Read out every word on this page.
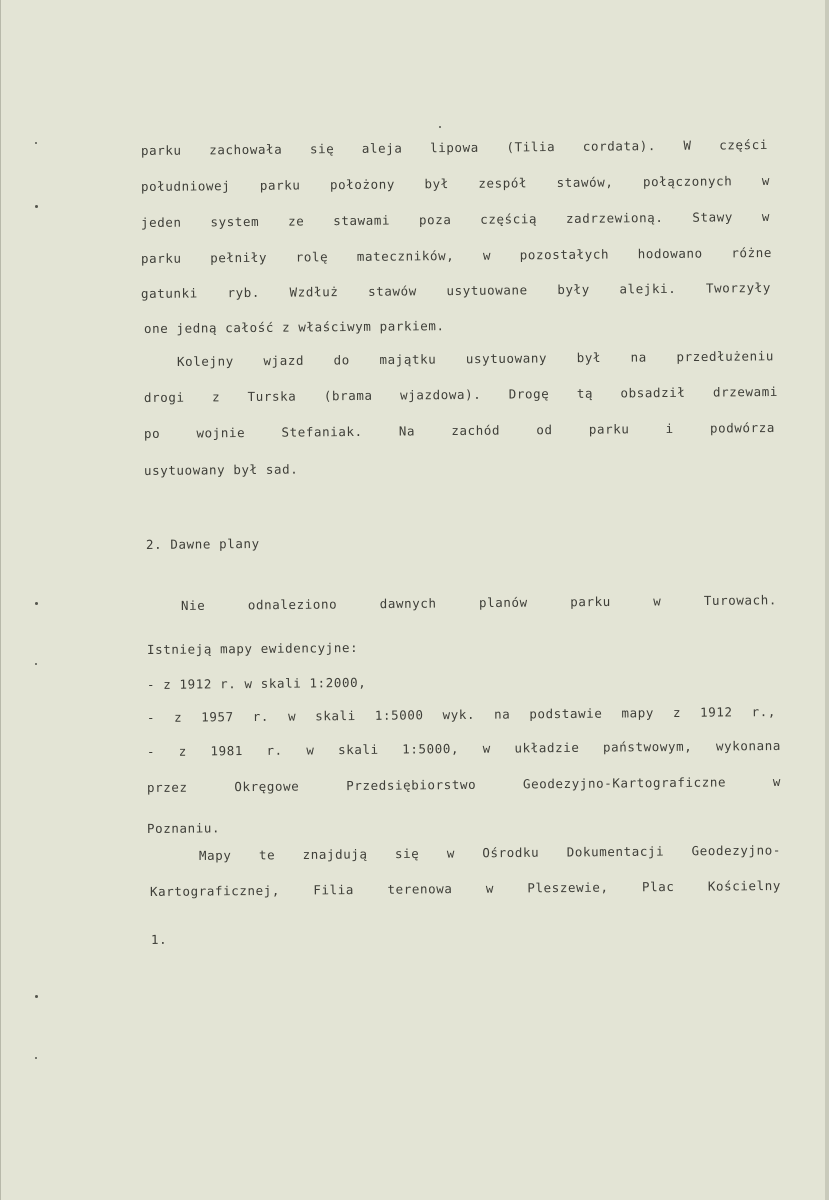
parku zachowała się aleja lipowa (Tilia cordata). W części
południowej parku położony był zespół stawów, połączonych w
jeden system ze stawami poza częścią zadrzewioną. Stawy w
parku pełniły rolę mateczników, w pozostałych hodowano różne
gatunki ryb. Wzdłuż stawów usytuowane były alejki. Tworzyły
one jedną całość z właściwym parkiem.
Kolejny wjazd do majątku usytuowany był na przedłużeniu
drogi z Turska (brama wjazdowa). Drogę tą obsadził drzewami
po wojnie Stefaniak. Na zachód od parku i podwórza
usytuowany był sad.
2. Dawne plany
Nie odnaleziono dawnych planów parku w Turowach.
Istnieją mapy ewidencyjne:
- z 1912 r. w skali 1:2000,
- z 1957 r. w skali 1:5000 wyk. na podstawie mapy z 1912 r.,
- z 1981 r. w skali 1:5000, w układzie państwowym, wykonana
przez Okręgowe Przedsiębiorstwo Geodezyjno-Kartograficzne w
Poznaniu.
Mapy te znajdują się w Ośrodku Dokumentacji Geodezyjno-
Kartograficznej, Filia terenowa w Pleszewie, Plac Kościelny
1.
